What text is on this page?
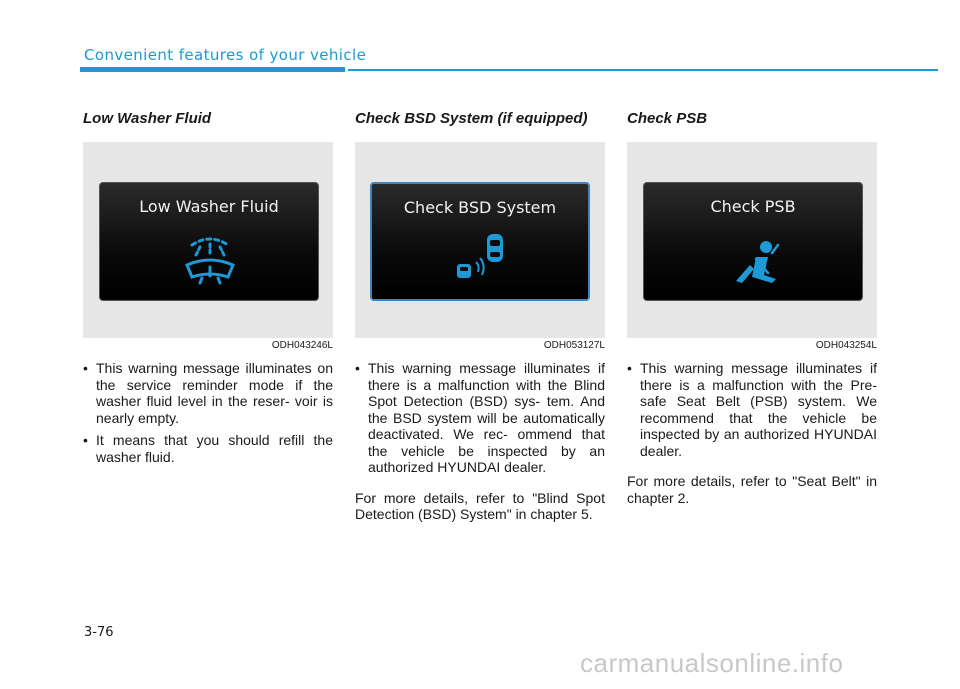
Convenient features of your vehicle
Low Washer Fluid
Low Washer Fluid
ODH043246L
• This warning message illuminates on the service reminder mode if the washer fluid level in the reser- voir is nearly empty.
• It means that you should refill the washer fluid.
Check BSD System (if equipped)
Check BSD System
ODH053127L
• This warning message illuminates if there is a malfunction with the Blind Spot Detection (BSD) sys- tem. And the BSD system will be automatically deactivated. We rec- ommend that the vehicle be inspected by an authorized HYUNDAI dealer.
For more details, refer to "Blind Spot Detection (BSD) System" in chapter 5.
Check PSB
Check PSB
ODH043254L
• This warning message illuminates if there is a malfunction with the Pre-safe Seat Belt (PSB) system. We recommend that the vehicle be inspected by an authorized HYUNDAI dealer.
For more details, refer to "Seat Belt" in chapter 2.
3-76
carmanualsonline.info
